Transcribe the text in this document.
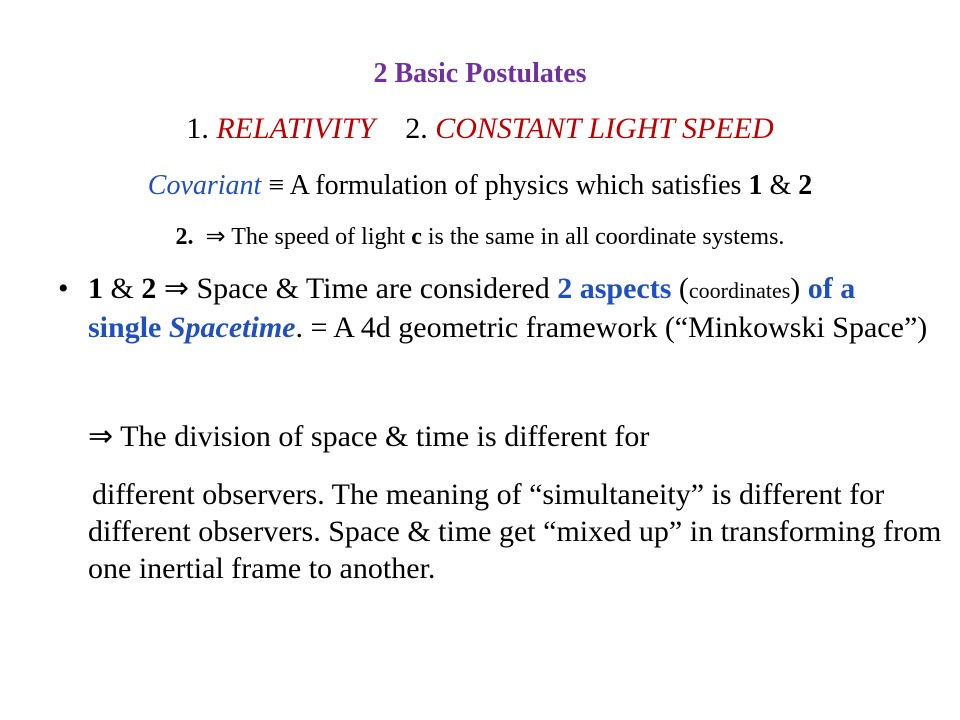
2 Basic Postulates
1. RELATIVITY 2. CONSTANT LIGHT SPEED
Covariant ≡ A formulation of physics which satisfies 1 & 2
2. ⇒ The speed of light c is the same in all coordinate systems.
• 1 & 2 ⇒ Space & Time are considered 2 aspects (coordinates) of a single Spacetime. = A 4d geometric framework (“Minkowski Space”)
⇒ The division of space & time is different for
different observers. The meaning of “simultaneity” is different for different observers. Space & time get “mixed up” in transforming from one inertial frame to another.
